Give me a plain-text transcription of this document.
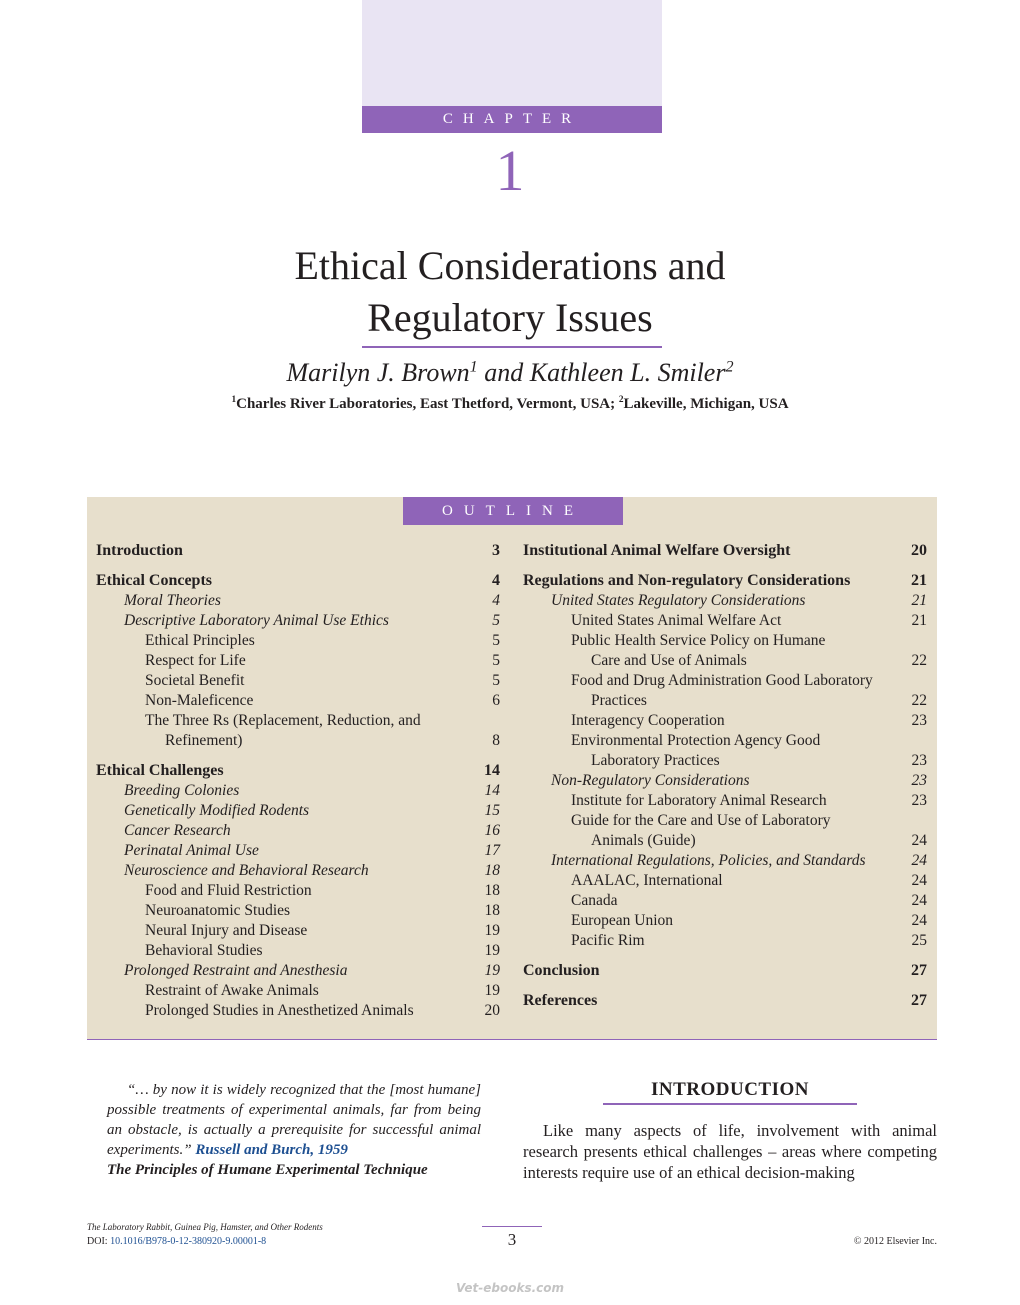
CHAPTER
1
Ethical Considerations and
Regulatory Issues
Marilyn J. Brown$^1$ and Kathleen L. Smiler$^2$
$^1$Charles River Laboratories, East Thetford, Vermont, USA; $^2$Lakeville, Michigan, USA
OUTLINE
Introduction	3
Ethical Concepts	4
Moral Theories	4
Descriptive Laboratory Animal Use Ethics	5
Ethical Principles	5
Respect for Life	5
Societal Benefit	5
Non-Maleficence	6
The Three Rs (Replacement, Reduction, and
Refinement)	8
Ethical Challenges	14
Breeding Colonies	14
Genetically Modified Rodents	15
Cancer Research	16
Perinatal Animal Use	17
Neuroscience and Behavioral Research	18
Food and Fluid Restriction	18
Neuroanatomic Studies	18
Neural Injury and Disease	19
Behavioral Studies	19
Prolonged Restraint and Anesthesia	19
Restraint of Awake Animals	19
Prolonged Studies in Anesthetized Animals	20
Institutional Animal Welfare Oversight	20
Regulations and Non-regulatory Considerations	21
United States Regulatory Considerations	21
United States Animal Welfare Act	21
Public Health Service Policy on Humane
Care and Use of Animals	22
Food and Drug Administration Good Laboratory
Practices	22
Interagency Cooperation	23
Environmental Protection Agency Good
Laboratory Practices	23
Non-Regulatory Considerations	23
Institute for Laboratory Animal Research	23
Guide for the Care and Use of Laboratory
Animals (Guide)	24
International Regulations, Policies, and Standards	24
AAALAC, International	24
Canada	24
European Union	24
Pacific Rim	25
Conclusion	27
References	27
“… by now it is widely recognized that the [most humane] possible treatments of experimental animals, far from being an obstacle, is actually a prerequisite for successful animal experiments.” Russell and Burch, 1959
The Principles of Humane Experimental Technique
INTRODUCTION
Like many aspects of life, involvement with animal research presents ethical challenges – areas where competing interests require use of an ethical decision-making
The Laboratory Rabbit, Guinea Pig, Hamster, and Other Rodents
DOI: 10.1016/B978-0-12-380920-9.00001-8	3	© 2012 Elsevier Inc.
Vet-ebooks.com
